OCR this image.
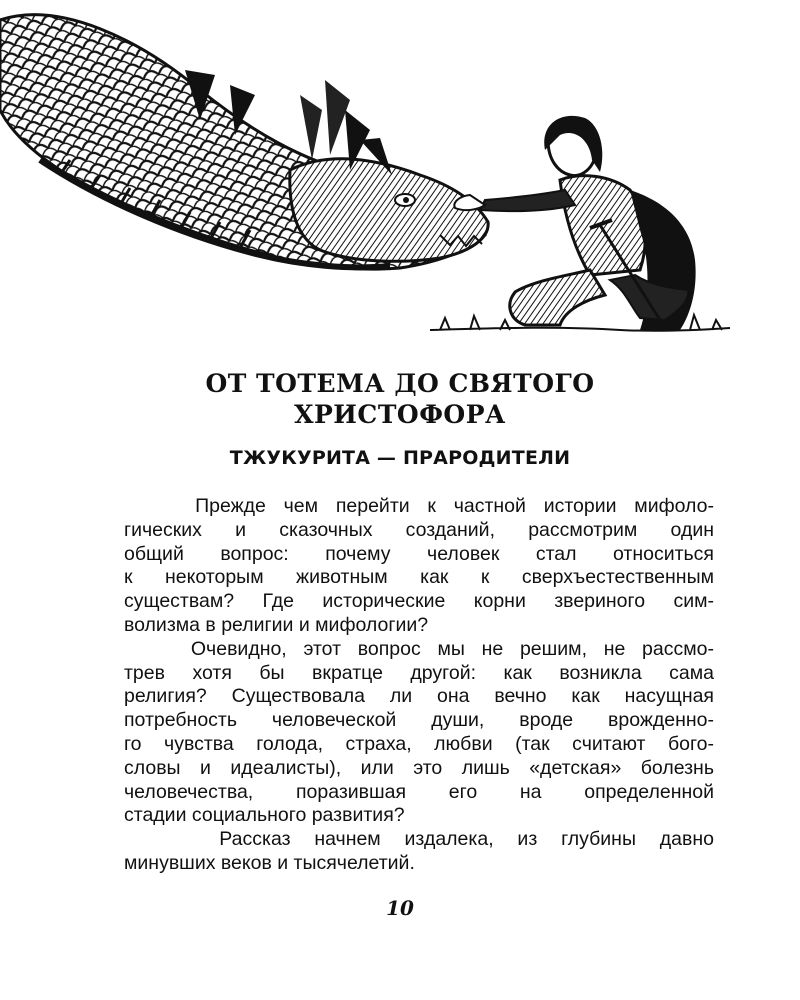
ОТ ТОТЕМА ДО СВЯТОГО
ХРИСТОФОРА
ТЖУКУРИТА — ПРАРОДИТЕЛИ

Прежде чем перейти к частной истории мифоло-
гических и сказочных созданий, рассмотрим один
общий вопрос: почему человек стал относиться
к некоторым животным как к сверхъестественным
существам? Где исторические корни звериного сим-
волизма в религии и мифологии?

Очевидно, этот вопрос мы не решим, не рассмо-
трев хотя бы вкратце другой: как возникла сама
религия? Существовала ли она вечно как насущная
потребность человеческой души, вроде врожденно-
го чувства голода, страха, любви (так считают бого-
словы и идеалисты), или это лишь «детская» болезнь
человечества, поразившая его на определенной
стадии социального развития?

Рассказ начнем издалека, из глубины давно
минувших веков и тысячелетий.

10
